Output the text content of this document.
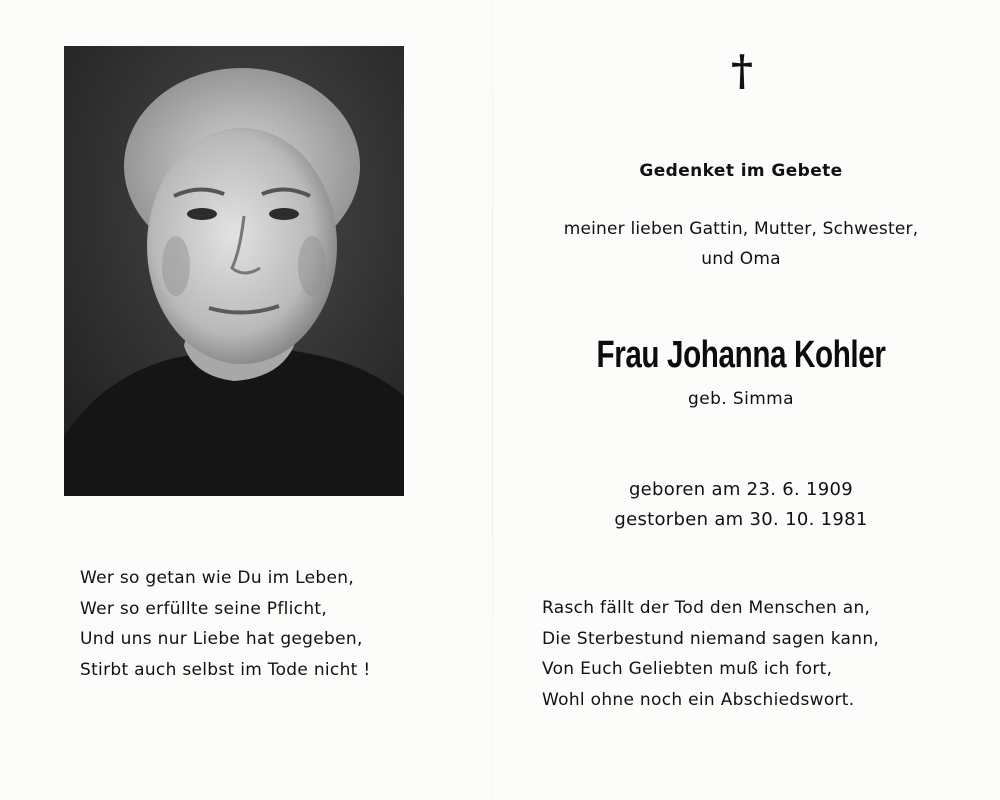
†
Gedenket im Gebete
meiner lieben Gattin, Mutter, Schwester,
und Oma
Frau Johanna Kohler
geb. Simma
geboren am 23. 6. 1909
gestorben am 30. 10. 1981
Wer so getan wie Du im Leben,
Wer so erfüllte seine Pflicht,
Und uns nur Liebe hat gegeben,
Stirbt auch selbst im Tode nicht !
Rasch fällt der Tod den Menschen an,
Die Sterbestund niemand sagen kann,
Von Euch Geliebten muß ich fort,
Wohl ohne noch ein Abschiedswort.
